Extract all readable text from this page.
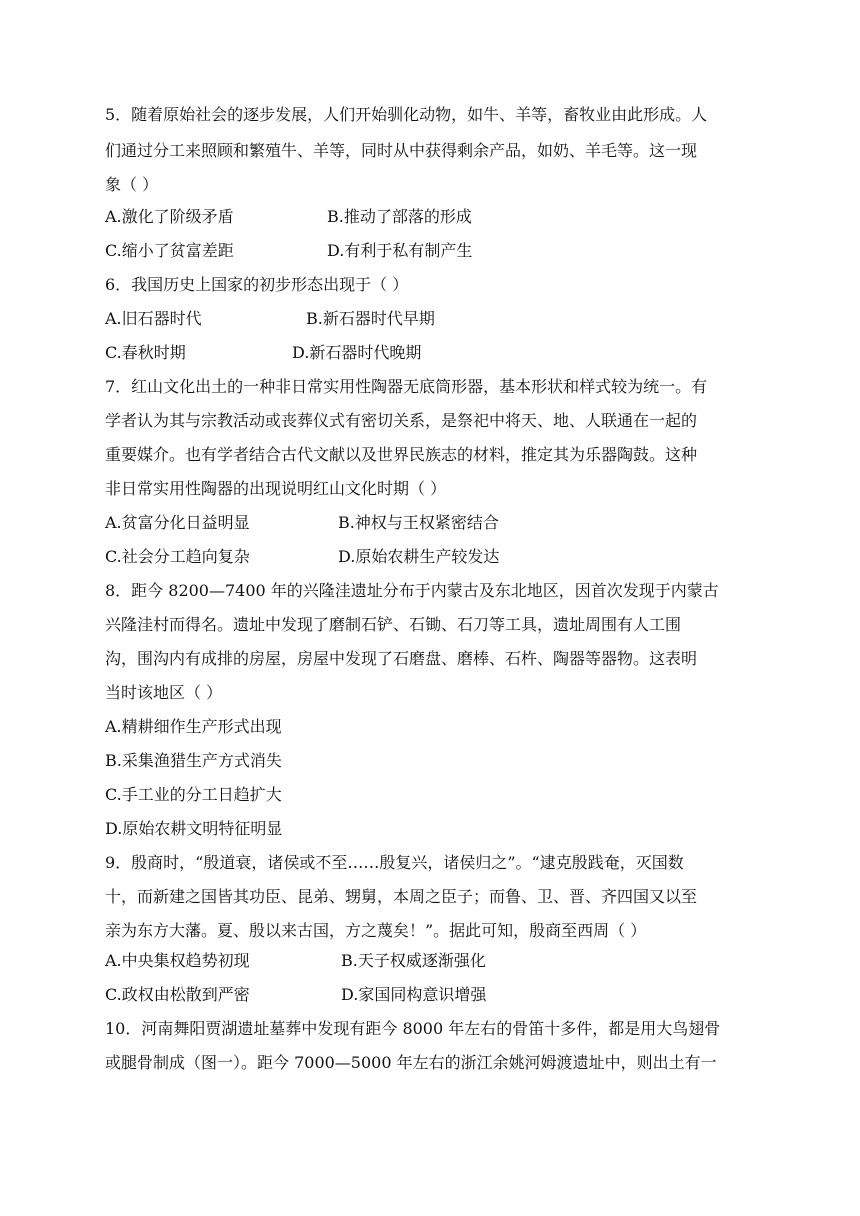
5．随着原始社会的逐步发展，人们开始驯化动物，如牛、羊等，畜牧业由此形成。人
们通过分工来照顾和繁殖牛、羊等，同时从中获得剩余产品，如奶、羊毛等。这一现
象（ ）
A.激化了阶级矛盾	B.推动了部落的形成
C.缩小了贫富差距	D.有利于私有制产生
6．我国历史上国家的初步形态出现于（ ）
A.旧石器时代	B.新石器时代早期
C.春秋时期	D.新石器时代晚期
7．红山文化出土的一种非日常实用性陶器无底筒形器，基本形状和样式较为统一。有
学者认为其与宗教活动或丧葬仪式有密切关系，是祭祀中将天、地、人联通在一起的
重要媒介。也有学者结合古代文献以及世界民族志的材料，推定其为乐器陶鼓。这种
非日常实用性陶器的出现说明红山文化时期（ ）
A.贫富分化日益明显	B.神权与王权紧密结合
C.社会分工趋向复杂	D.原始农耕生产较发达
8．距今 8200—7400 年的兴隆洼遗址分布于内蒙古及东北地区，因首次发现于内蒙古
兴隆洼村而得名。遗址中发现了磨制石铲、石锄、石刀等工具，遗址周围有人工围
沟，围沟内有成排的房屋，房屋中发现了石磨盘、磨棒、石杵、陶器等器物。这表明
当时该地区（ ）
A.精耕细作生产形式出现
B.采集渔猎生产方式消失
C.手工业的分工日趋扩大
D.原始农耕文明特征明显
9．殷商时，“殷道衰，诸侯或不至……殷复兴，诸侯归之”。“逮克殷践奄，灭国数
十，而新建之国皆其功臣、昆弟、甥舅，本周之臣子；而鲁、卫、晋、齐四国又以至
亲为东方大藩。夏、殷以来古国，方之蔑矣！”。据此可知，殷商至西周（ ）
A.中央集权趋势初现	B.天子权威逐渐强化
C.政权由松散到严密	D.家国同构意识增强
10．河南舞阳贾湖遗址墓葬中发现有距今 8000 年左右的骨笛十多件，都是用大鸟翅骨
或腿骨制成（图一）。距今 7000—5000 年左右的浙江余姚河姆渡遗址中，则出土有一
